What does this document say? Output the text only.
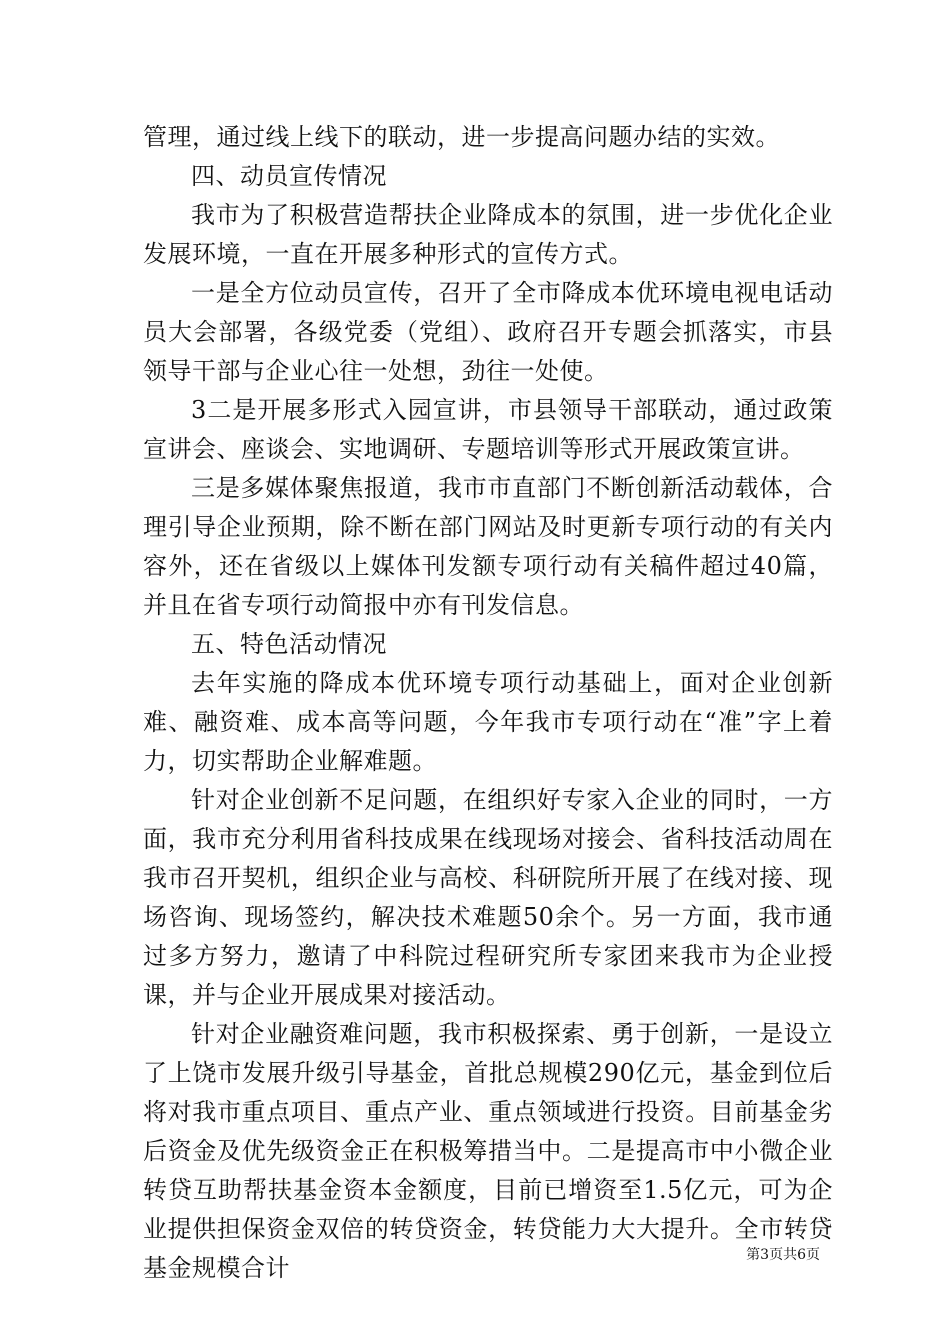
管理，通过线上线下的联动，进一步提高问题办结的实效。

四、动员宣传情况

我市为了积极营造帮扶企业降成本的氛围，进一步优化企业发展环境，一直在开展多种形式的宣传方式。

一是全方位动员宣传，召开了全市降成本优环境电视电话动员大会部署，各级党委（党组）、政府召开专题会抓落实，市县领导干部与企业心往一处想，劲往一处使。

3二是开展多形式入园宣讲，市县领导干部联动，通过政策宣讲会、座谈会、实地调研、专题培训等形式开展政策宣讲。

三是多媒体聚焦报道，我市市直部门不断创新活动载体，合理引导企业预期，除不断在部门网站及时更新专项行动的有关内容外，还在省级以上媒体刊发额专项行动有关稿件超过40篇，并且在省专项行动简报中亦有刊发信息。

五、特色活动情况

去年实施的降成本优环境专项行动基础上，面对企业创新难、融资难、成本高等问题，今年我市专项行动在“准”字上着力，切实帮助企业解难题。

针对企业创新不足问题，在组织好专家入企业的同时，一方面，我市充分利用省科技成果在线现场对接会、省科技活动周在我市召开契机，组织企业与高校、科研院所开展了在线对接、现场咨询、现场签约，解决技术难题50余个。另一方面，我市通过多方努力，邀请了中科院过程研究所专家团来我市为企业授课，并与企业开展成果对接活动。

针对企业融资难问题，我市积极探索、勇于创新，一是设立了上饶市发展升级引导基金，首批总规模290亿元，基金到位后将对我市重点项目、重点产业、重点领域进行投资。目前基金劣后资金及优先级资金正在积极筹措当中。二是提高市中小微企业转贷互助帮扶基金资本金额度，目前已增资至1.5亿元，可为企业提供担保资金双倍的转贷资金，转贷能力大大提升。全市转贷基金规模合计	第3页共6页
